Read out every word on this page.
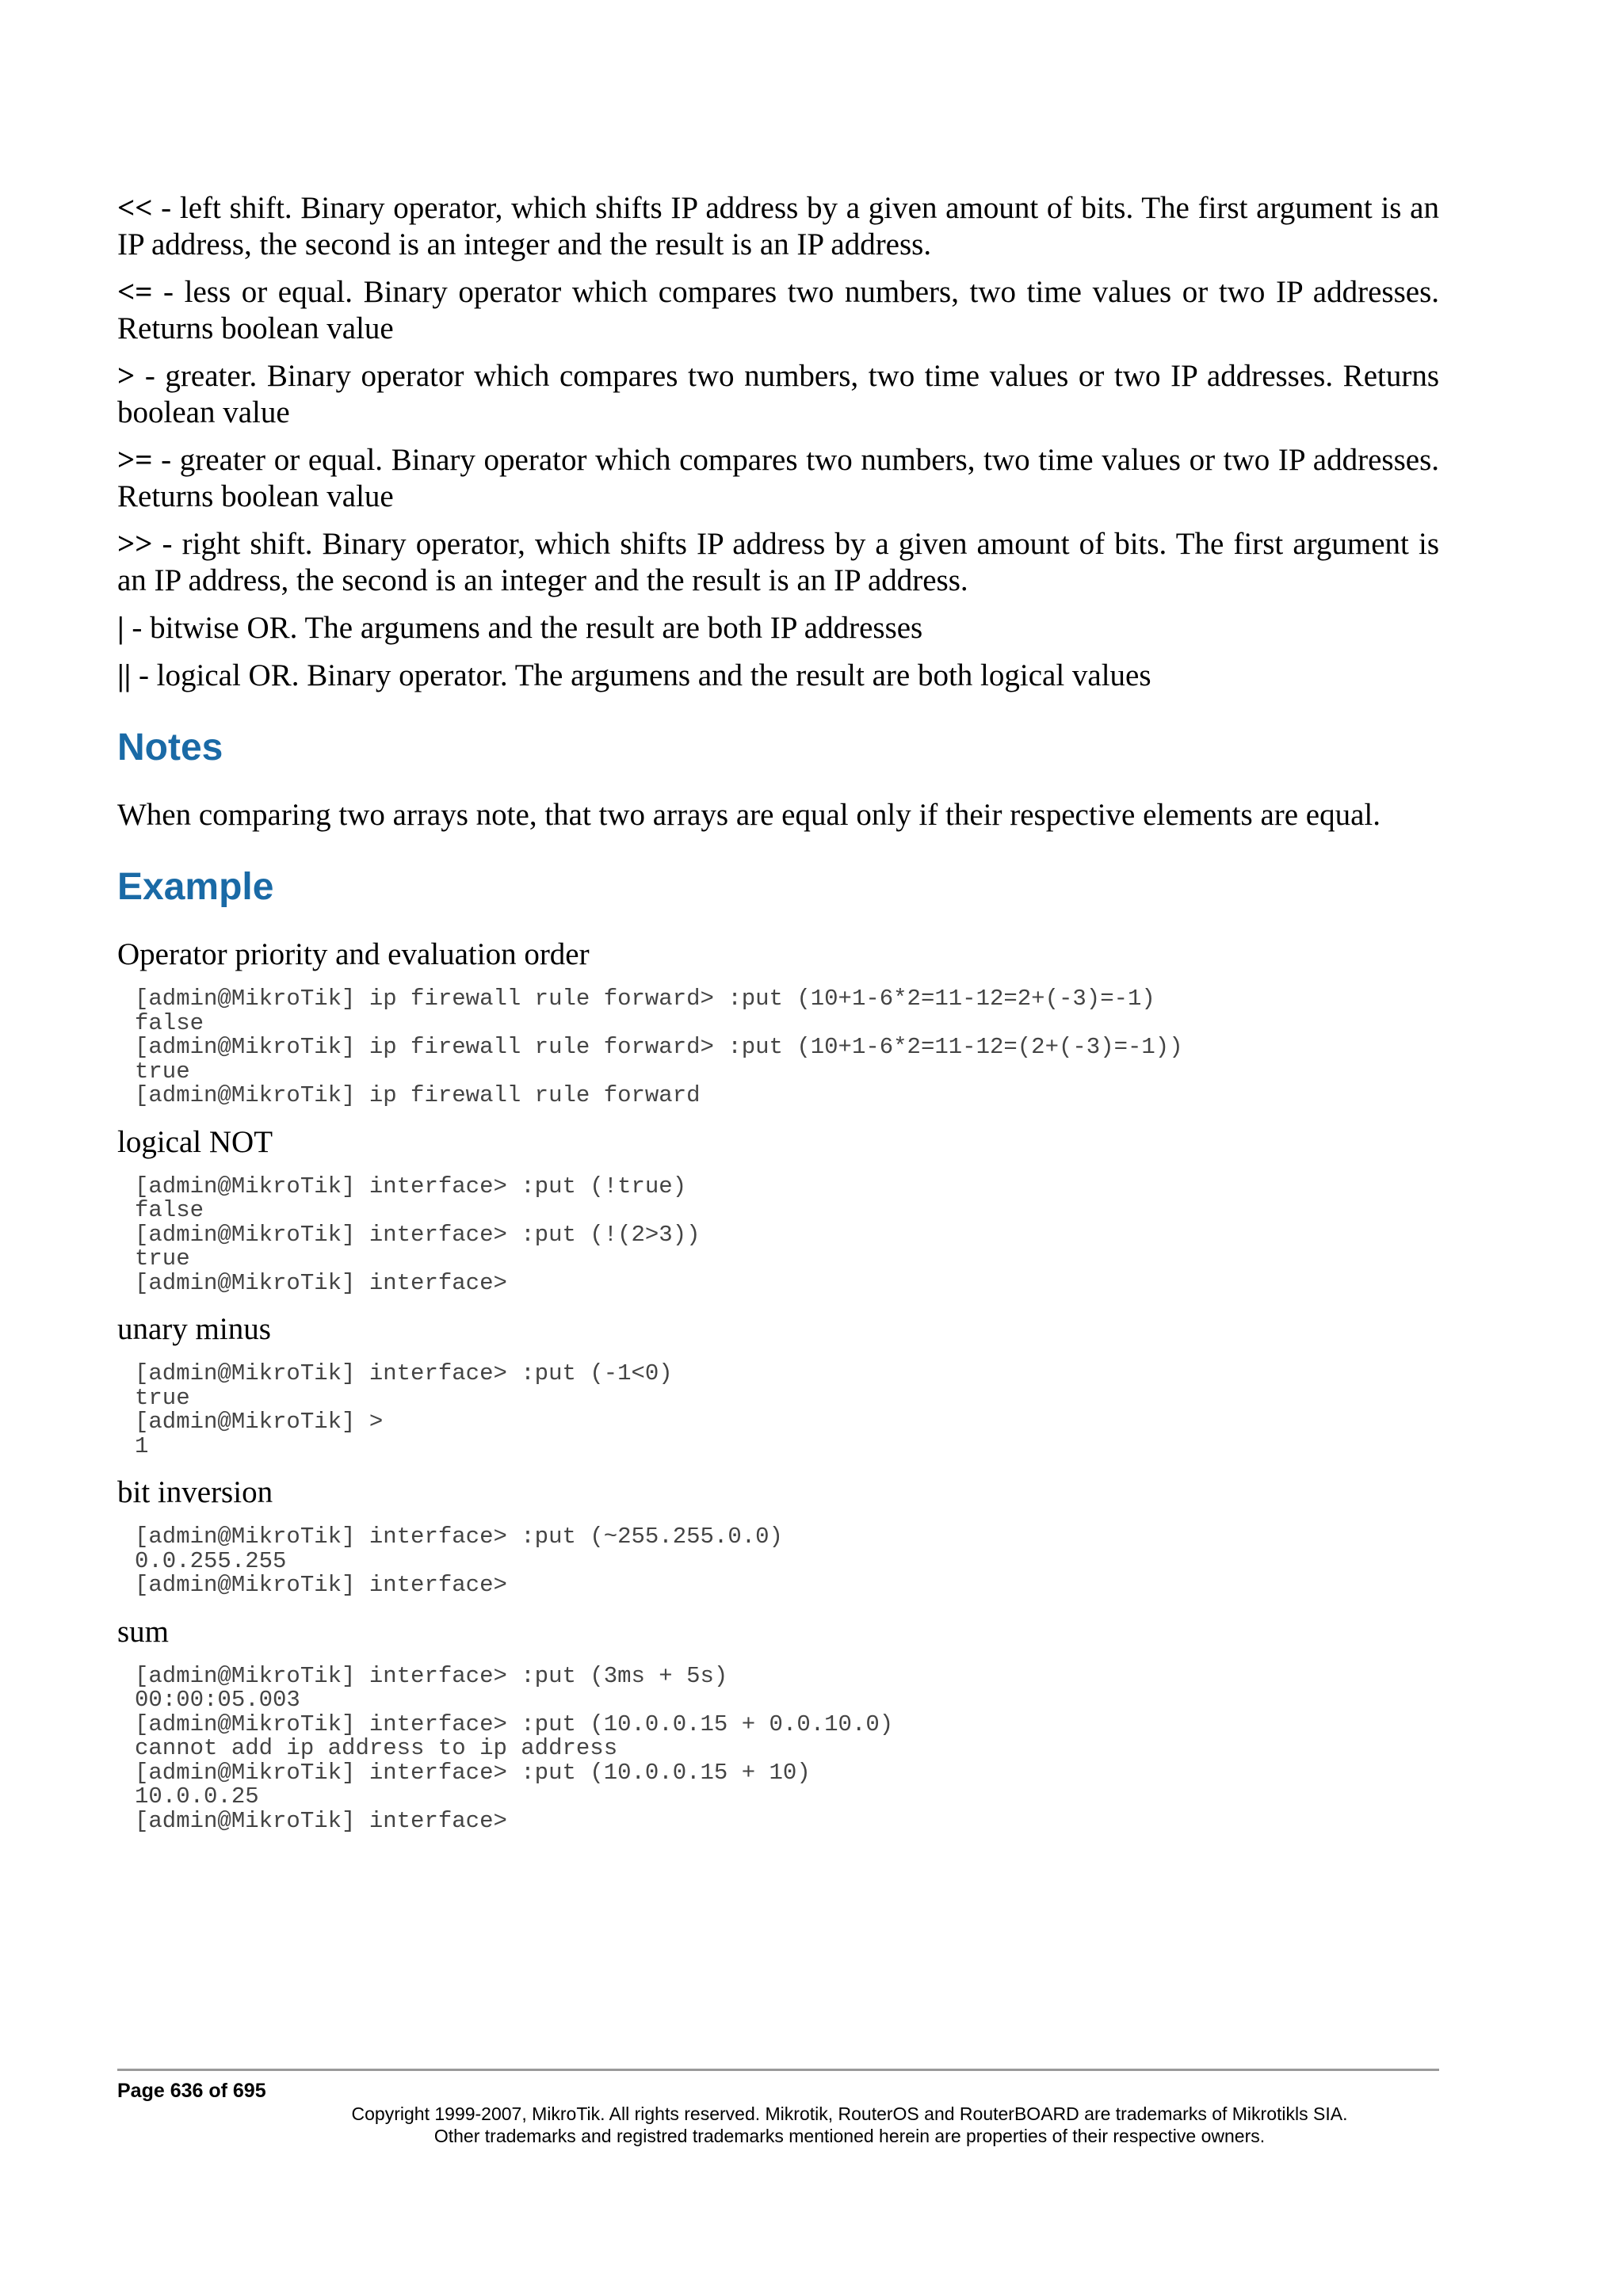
<< - left shift. Binary operator, which shifts IP address by a given amount of bits. The first argument is an IP address, the second is an integer and the result is an IP address.

<= - less or equal. Binary operator which compares two numbers, two time values or two IP addresses. Returns boolean value

> - greater. Binary operator which compares two numbers, two time values or two IP addresses. Returns boolean value

>= - greater or equal. Binary operator which compares two numbers, two time values or two IP addresses. Returns boolean value

>> - right shift. Binary operator, which shifts IP address by a given amount of bits. The first argument is an IP address, the second is an integer and the result is an IP address.

| - bitwise OR. The argumens and the result are both IP addresses

|| - logical OR. Binary operator. The argumens and the result are both logical values

Notes

When comparing two arrays note, that two arrays are equal only if their respective elements are equal.

Example
Operator priority and evaluation order
[admin@MikroTik] ip firewall rule forward> :put (10+1-6*2=11-12=2+(-3)=-1)
false
[admin@MikroTik] ip firewall rule forward> :put (10+1-6*2=11-12=(2+(-3)=-1))
true
[admin@MikroTik] ip firewall rule forward
logical NOT
[admin@MikroTik] interface> :put (!true)
false
[admin@MikroTik] interface> :put (!(2>3))
true
[admin@MikroTik] interface>
unary minus
[admin@MikroTik] interface> :put (-1<0)
true
[admin@MikroTik] >
1
bit inversion
[admin@MikroTik] interface> :put (~255.255.0.0)
0.0.255.255
[admin@MikroTik] interface>
sum
[admin@MikroTik] interface> :put (3ms + 5s)
00:00:05.003
[admin@MikroTik] interface> :put (10.0.0.15 + 0.0.10.0)
cannot add ip address to ip address
[admin@MikroTik] interface> :put (10.0.0.15 + 10)
10.0.0.25
[admin@MikroTik] interface>
Page 636 of 695
Copyright 1999-2007, MikroTik. All rights reserved. Mikrotik, RouterOS and RouterBOARD are trademarks of Mikrotikls SIA.
Other trademarks and registred trademarks mentioned herein are properties of their respective owners.
